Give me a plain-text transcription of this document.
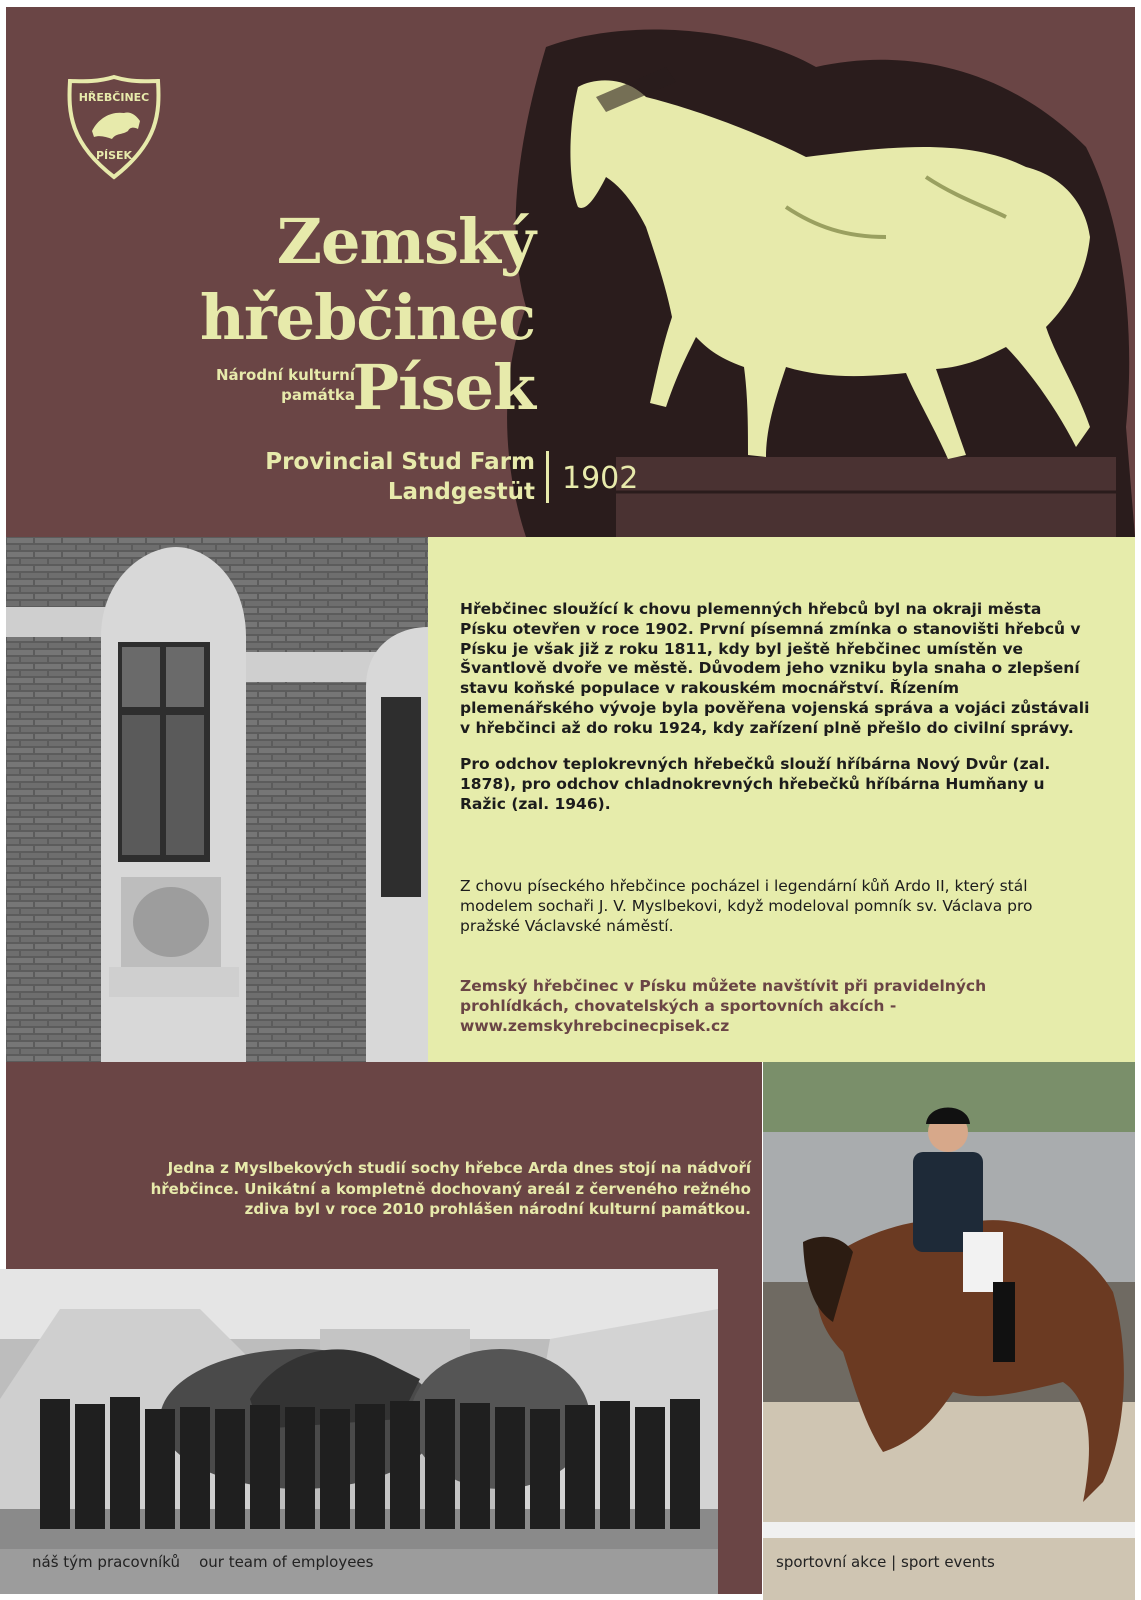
HŘEBČINEC
PÍSEK
Zemský
hřebčinec
Písek
Národní kulturní
památka
Provincial Stud Farm
Landgestüt 1902
Hřebčinec sloužící k chovu plemenných hřebců byl na okraji města Písku otevřen v roce 1902. První písemná zmínka o stanovišti hřebců v Písku je však již z roku 1811, kdy byl ještě hřebčinec umístěn ve Švantlově dvoře ve městě. Důvodem jeho vzniku byla snaha o zlepšení stavu koňské populace v rakouském mocnářství. Řízením plemenářského vývoje byla pověřena vojenská správa a vojáci zůstávali v hřebčinci až do roku 1924, kdy zařízení plně přešlo do civilní správy.
Pro odchov teplokrevných hřebečků slouží hříbárna Nový Dvůr (zal. 1878), pro odchov chladnokrevných hřebečků hříbárna Humňany u Ražic (zal. 1946).
Z chovu píseckého hřebčince pocházel i legendární kůň Ardo II, který stál modelem sochaři J. V. Myslbekovi, když modeloval pomník sv. Václava pro pražské Václavské náměstí.
Zemský hřebčinec v Písku můžete navštívit při pravidelných prohlídkách, chovatelských a sportovních akcích - www.zemskyhrebcinecpisek.cz
Jedna z Myslbekových studií sochy hřebce Arda dnes stojí na nádvoří hřebčince. Unikátní a kompletně dochovaný areál z červeného režného zdiva byl v roce 2010 prohlášen národní kulturní památkou.
náš tým pracovníků    our team of employees	sportovní akce | sport events
